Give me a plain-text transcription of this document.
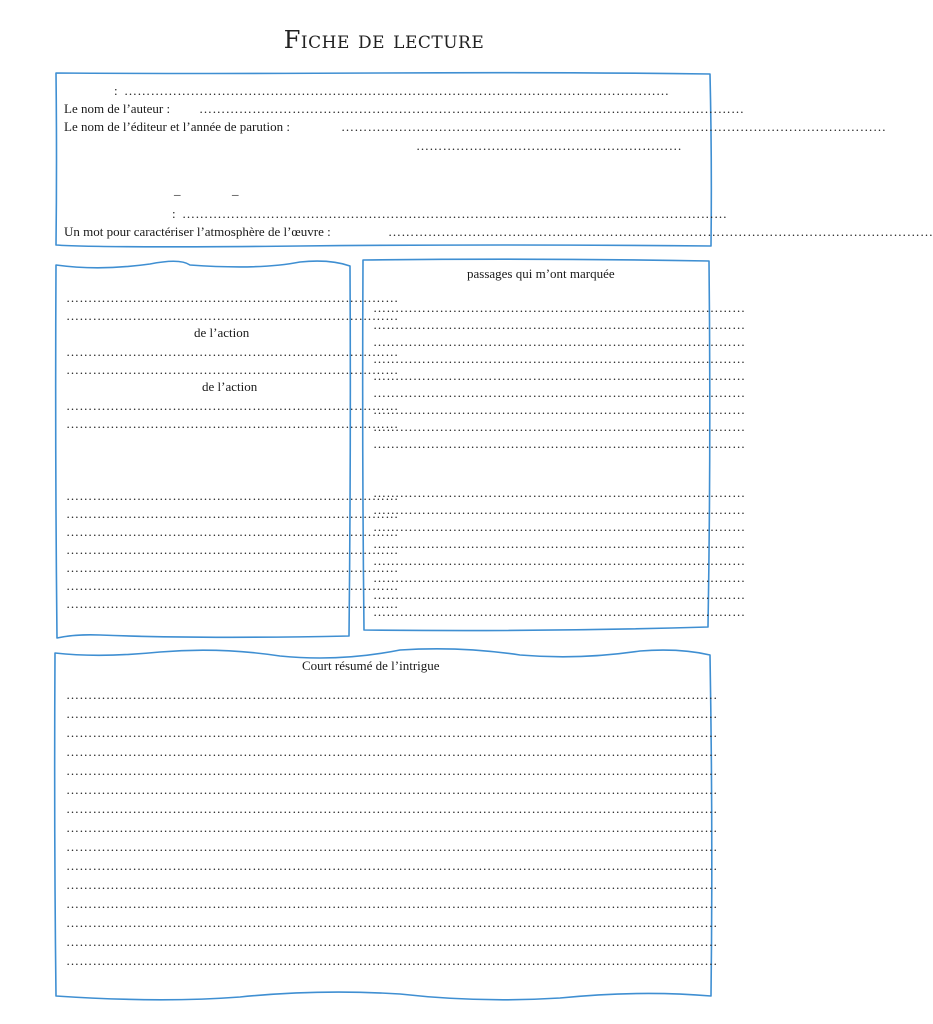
Fiche de lecture
: ……………………………………………………………………………………………………………
Le nom de l’auteur : ……………………………………………………………………………………………………………
Le nom de l’éditeur et l’année de parution :	……………………………………………………………………………………………………………
……………………………………………………
_	_
: ……………………………………………………………………………………………………………
Un mot pour caractériser l’atmosphère de l’œuvre :	……………………………………………………………………………………………………………
…………………………………………………………………
…………………………………………………………………
de l’action
…………………………………………………………………
…………………………………………………………………
de l’action
…………………………………………………………………
…………………………………………………………………
…………………………………………………………………
…………………………………………………………………
…………………………………………………………………
…………………………………………………………………
…………………………………………………………………
…………………………………………………………………
…………………………………………………………………
passages qui m’ont marquée
…………………………………………………………………………
…………………………………………………………………………
…………………………………………………………………………
…………………………………………………………………………
…………………………………………………………………………
…………………………………………………………………………
…………………………………………………………………………
…………………………………………………………………………
…………………………………………………………………………
…………………………………………………………………………
…………………………………………………………………………
…………………………………………………………………………
…………………………………………………………………………
…………………………………………………………………………
…………………………………………………………………………
…………………………………………………………………………
…………………………………………………………………………
Court résumé de l’intrigue
…………………………………………………………………………………………………………………………………
…………………………………………………………………………………………………………………………………
…………………………………………………………………………………………………………………………………
…………………………………………………………………………………………………………………………………
…………………………………………………………………………………………………………………………………
…………………………………………………………………………………………………………………………………
…………………………………………………………………………………………………………………………………
…………………………………………………………………………………………………………………………………
…………………………………………………………………………………………………………………………………
…………………………………………………………………………………………………………………………………
…………………………………………………………………………………………………………………………………
…………………………………………………………………………………………………………………………………
…………………………………………………………………………………………………………………………………
…………………………………………………………………………………………………………………………………
…………………………………………………………………………………………………………………………………
